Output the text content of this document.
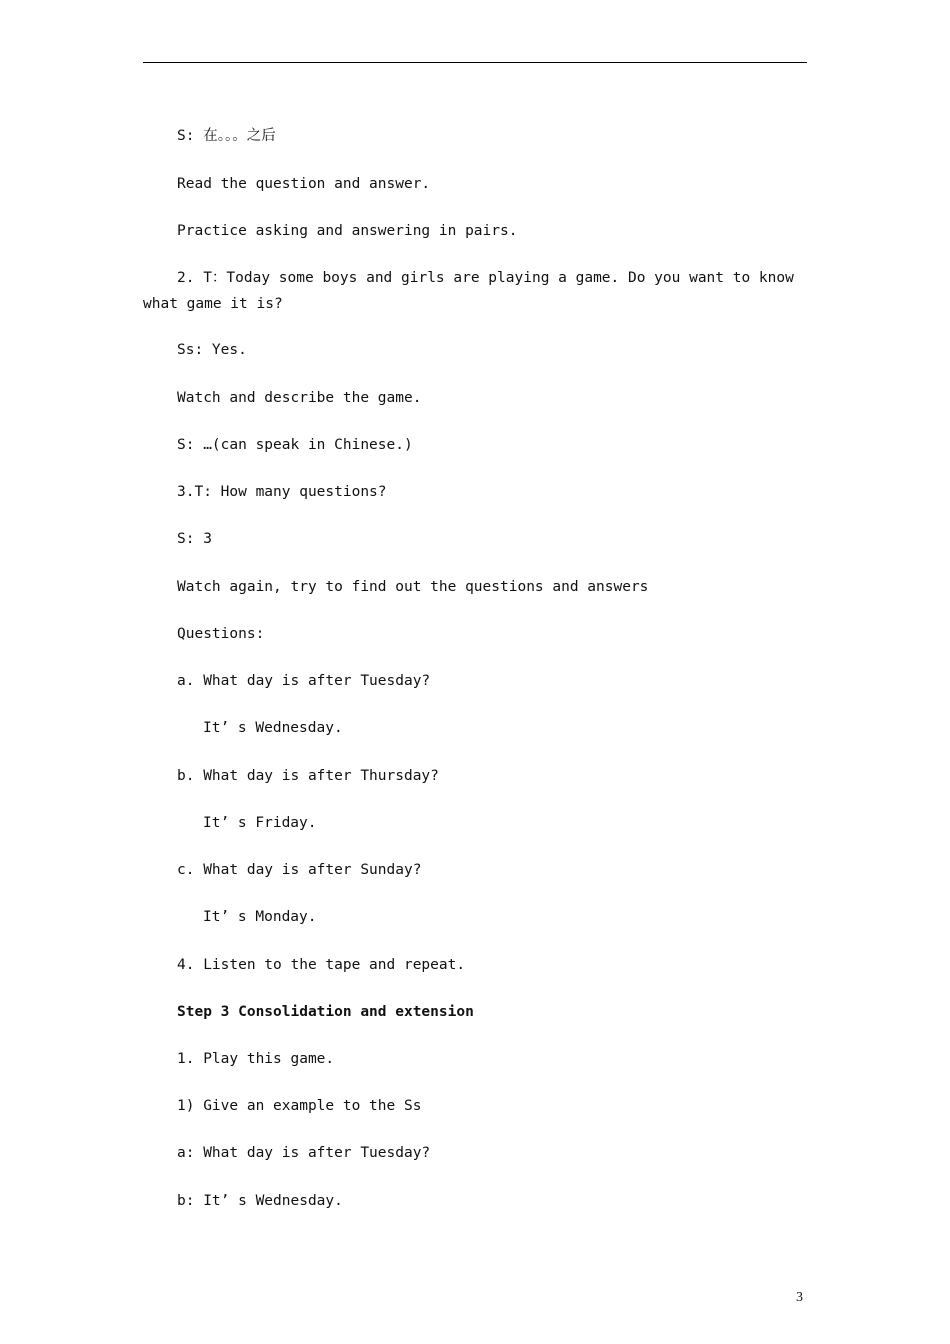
S: 在。。。之后
Read the question and answer.
Practice asking and answering in pairs.
2. T：Today some boys and girls are playing a game. Do you want to know
what game it is?
Ss: Yes.
Watch and describe the game.
S: …(can speak in Chinese.)
3.T: How many questions?
S: 3
Watch again, try to find out the questions and answers
Questions:
a. What day is after Tuesday?
It’ s Wednesday.
b. What day is after Thursday?
It’ s Friday.
c. What day is after Sunday?
It’ s Monday.
4. Listen to the tape and repeat.
Step 3 Consolidation and extension
1. Play this game.
1) Give an example to the Ss
a: What day is after Tuesday?
b: It’ s Wednesday.
3
